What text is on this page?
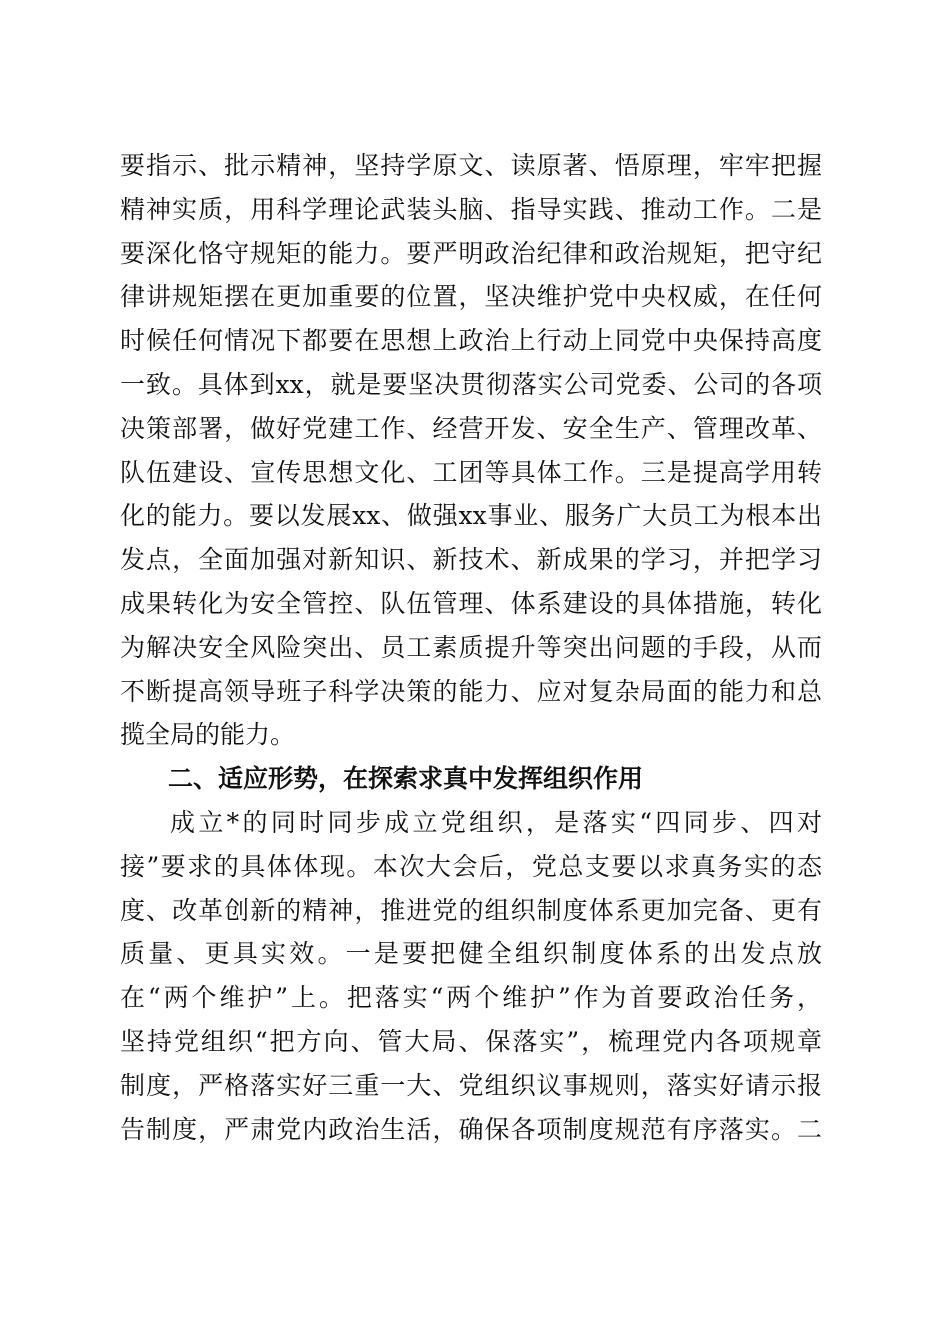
要指示、批示精神，坚持学原文、读原著、悟原理，牢牢把握
精神实质，用科学理论武装头脑、指导实践、推动工作。二是
要深化恪守规矩的能力。要严明政治纪律和政治规矩，把守纪
律讲规矩摆在更加重要的位置，坚决维护党中央权威，在任何
时候任何情况下都要在思想上政治上行动上同党中央保持高度
一致。具体到xx，就是要坚决贯彻落实公司党委、公司的各项
决策部署，做好党建工作、经营开发、安全生产、管理改革、
队伍建设、宣传思想文化、工团等具体工作。三是提高学用转
化的能力。要以发展xx、做强xx事业、服务广大员工为根本出
发点，全面加强对新知识、新技术、新成果的学习，并把学习
成果转化为安全管控、队伍管理、体系建设的具体措施，转化
为解决安全风险突出、员工素质提升等突出问题的手段，从而
不断提高领导班子科学决策的能力、应对复杂局面的能力和总
揽全局的能力。
二、适应形势，在探索求真中发挥组织作用
成立*的同时同步成立党组织，是落实“四同步、四对
接”要求的具体体现。本次大会后，党总支要以求真务实的态
度、改革创新的精神，推进党的组织制度体系更加完备、更有
质量、更具实效。一是要把健全组织制度体系的出发点放
在“两个维护”上。把落实“两个维护”作为首要政治任务，
坚持党组织“把方向、管大局、保落实”，梳理党内各项规章
制度，严格落实好三重一大、党组织议事规则，落实好请示报
告制度，严肃党内政治生活，确保各项制度规范有序落实。二
